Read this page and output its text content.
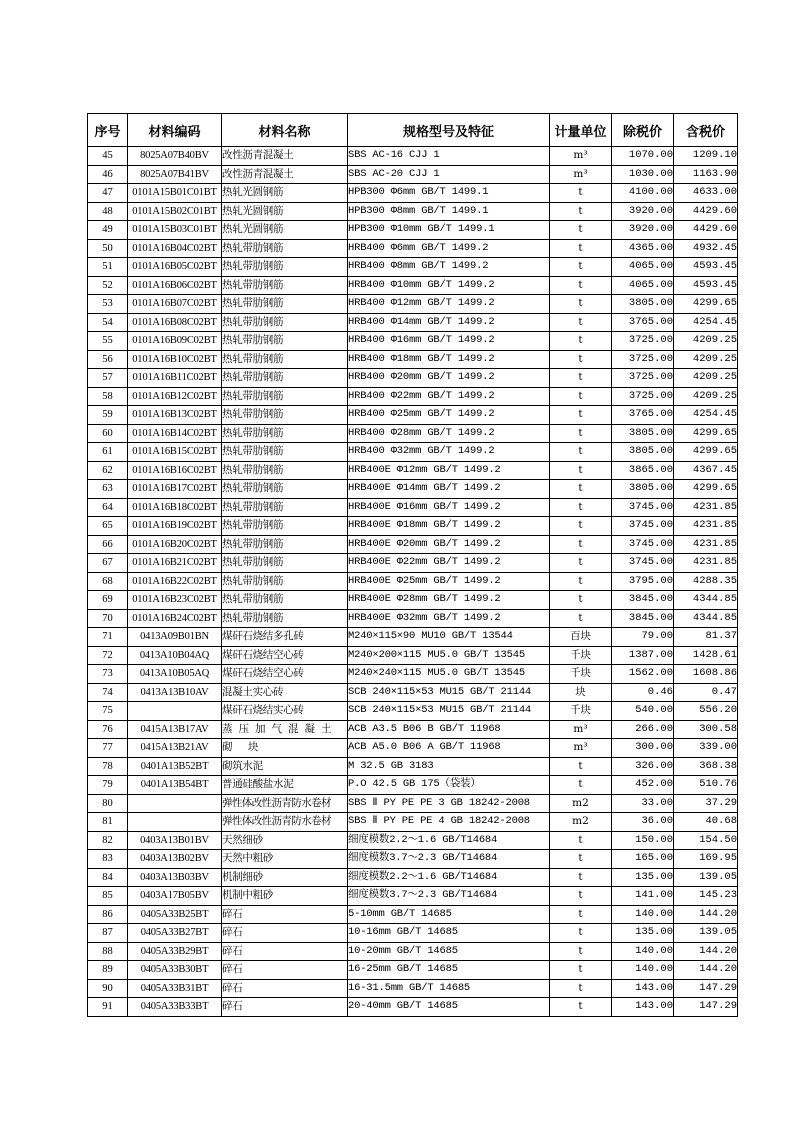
序号	材料编码	材料名称	规格型号及特征	计量单位	除税价	含税价
45	8025A07B40BV	改性沥青混凝土	SBS AC-16 CJJ 1	m³	1070.00	1209.10
46	8025A07B41BV	改性沥青混凝土	SBS AC-20 CJJ 1	m³	1030.00	1163.90
47	0101A15B01C01BT	热轧光圆钢筋	HPB300 Φ6mm GB/T 1499.1	t	4100.00	4633.00
48	0101A15B02C01BT	热轧光圆钢筋	HPB300 Φ8mm GB/T 1499.1	t	3920.00	4429.60
49	0101A15B03C01BT	热轧光圆钢筋	HPB300 Φ10mm GB/T 1499.1	t	3920.00	4429.60
50	0101A16B04C02BT	热轧带肋钢筋	HRB400 Φ6mm GB/T 1499.2	t	4365.00	4932.45
51	0101A16B05C02BT	热轧带肋钢筋	HRB400 Φ8mm GB/T 1499.2	t	4065.00	4593.45
52	0101A16B06C02BT	热轧带肋钢筋	HRB400 Φ10mm GB/T 1499.2	t	4065.00	4593.45
53	0101A16B07C02BT	热轧带肋钢筋	HRB400 Φ12mm GB/T 1499.2	t	3805.00	4299.65
54	0101A16B08C02BT	热轧带肋钢筋	HRB400 Φ14mm GB/T 1499.2	t	3765.00	4254.45
55	0101A16B09C02BT	热轧带肋钢筋	HRB400 Φ16mm GB/T 1499.2	t	3725.00	4209.25
56	0101A16B10C02BT	热轧带肋钢筋	HRB400 Φ18mm GB/T 1499.2	t	3725.00	4209.25
57	0101A16B11C02BT	热轧带肋钢筋	HRB400 Φ20mm GB/T 1499.2	t	3725.00	4209.25
58	0101A16B12C02BT	热轧带肋钢筋	HRB400 Φ22mm GB/T 1499.2	t	3725.00	4209.25
59	0101A16B13C02BT	热轧带肋钢筋	HRB400 Φ25mm GB/T 1499.2	t	3765.00	4254.45
60	0101A16B14C02BT	热轧带肋钢筋	HRB400 Φ28mm GB/T 1499.2	t	3805.00	4299.65
61	0101A16B15C02BT	热轧带肋钢筋	HRB400 Φ32mm GB/T 1499.2	t	3805.00	4299.65
62	0101A16B16C02BT	热轧带肋钢筋	HRB400E Φ12mm GB/T 1499.2	t	3865.00	4367.45
63	0101A16B17C02BT	热轧带肋钢筋	HRB400E Φ14mm GB/T 1499.2	t	3805.00	4299.65
64	0101A16B18C02BT	热轧带肋钢筋	HRB400E Φ16mm GB/T 1499.2	t	3745.00	4231.85
65	0101A16B19C02BT	热轧带肋钢筋	HRB400E Φ18mm GB/T 1499.2	t	3745.00	4231.85
66	0101A16B20C02BT	热轧带肋钢筋	HRB400E Φ20mm GB/T 1499.2	t	3745.00	4231.85
67	0101A16B21C02BT	热轧带肋钢筋	HRB400E Φ22mm GB/T 1499.2	t	3745.00	4231.85
68	0101A16B22C02BT	热轧带肋钢筋	HRB400E Φ25mm GB/T 1499.2	t	3795.00	4288.35
69	0101A16B23C02BT	热轧带肋钢筋	HRB400E Φ28mm GB/T 1499.2	t	3845.00	4344.85
70	0101A16B24C02BT	热轧带肋钢筋	HRB400E Φ32mm GB/T 1499.2	t	3845.00	4344.85
71	0413A09B01BN	煤矸石烧结多孔砖	M240×115×90 MU10 GB/T 13544	百块	79.00	81.37
72	0413A10B04AQ	煤矸石烧结空心砖	M240×200×115 MU5.0 GB/T 13545	千块	1387.00	1428.61
73	0413A10B05AQ	煤矸石烧结空心砖	M240×240×115 MU5.0 GB/T 13545	千块	1562.00	1608.86
74	0413A13B10AV	混凝土实心砖	SCB 240×115×53 MU15 GB/T 21144	块	0.46	0.47
75		煤矸石烧结实心砖	SCB 240×115×53 MU15 GB/T 21144	千块	540.00	556.20
76	0415A13B17AV	蒸压加气混凝土	ACB A3.5 B06 B GB/T 11968	m³	266.00	300.58
77	0415A13B21AV	砌 块	ACB A5.0 B06 A GB/T 11968	m³	300.00	339.00
78	0401A13B52BT	砌筑水泥	M 32.5 GB 3183	t	326.00	368.38
79	0401A13B54BT	普通硅酸盐水泥	P.O 42.5 GB 175（袋装）	t	452.00	510.76
80		弹性体改性沥青防水卷材	SBS Ⅱ PY PE PE 3 GB 18242-2008	m2	33.00	37.29
81		弹性体改性沥青防水卷材	SBS Ⅱ PY PE PE 4 GB 18242-2008	m2	36.00	40.68
82	0403A13B01BV	天然细砂	细度模数2.2～1.6 GB/T14684	t	150.00	154.50
83	0403A13B02BV	天然中粗砂	细度模数3.7～2.3 GB/T14684	t	165.00	169.95
84	0403A13B03BV	机制细砂	细度模数2.2～1.6 GB/T14684	t	135.00	139.05
85	0403A17B05BV	机制中粗砂	细度模数3.7～2.3 GB/T14684	t	141.00	145.23
86	0405A33B25BT	碎石	5-10mm GB/T 14685	t	140.00	144.20
87	0405A33B27BT	碎石	10-16mm GB/T 14685	t	135.00	139.05
88	0405A33B29BT	碎石	10-20mm GB/T 14685	t	140.00	144.20
89	0405A33B30BT	碎石	16-25mm GB/T 14685	t	140.00	144.20
90	0405A33B31BT	碎石	16-31.5mm GB/T 14685	t	143.00	147.29
91	0405A33B33BT	碎石	20-40mm GB/T 14685	t	143.00	147.29
